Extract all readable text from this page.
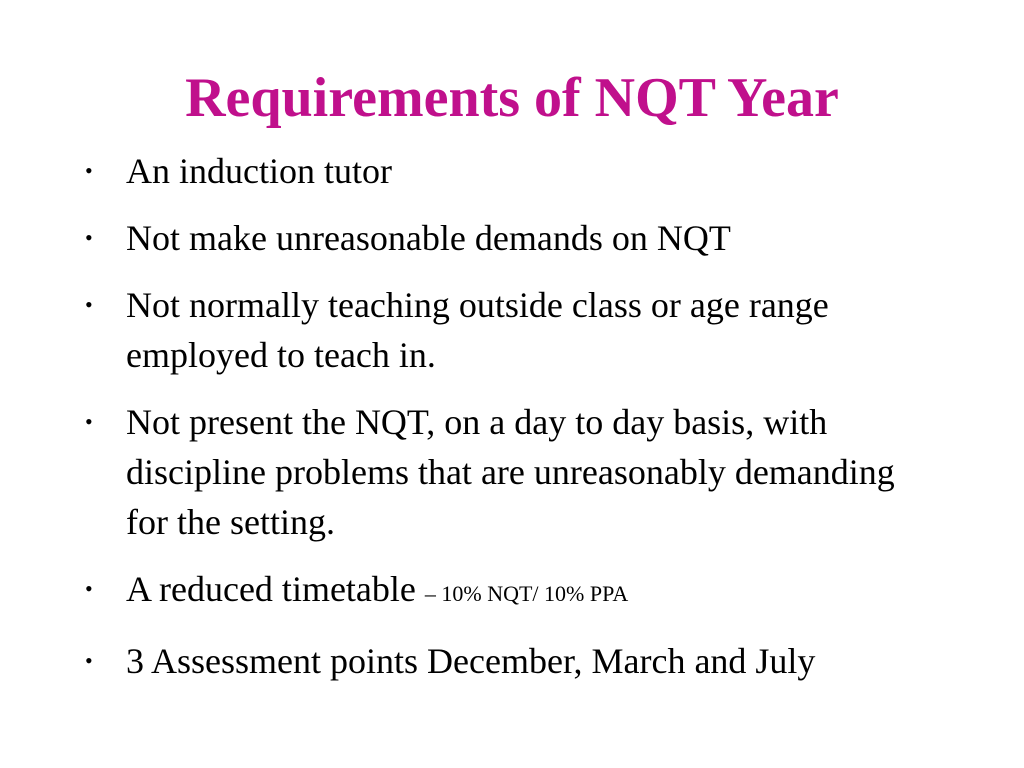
Requirements of NQT Year
• An induction tutor
• Not make unreasonable demands on NQT
• Not normally teaching outside class or age range employed to teach in.
• Not present the NQT, on a day to day basis, with discipline problems that are unreasonably demanding for the setting.
• A reduced timetable – 10% NQT/ 10% PPA
• 3 Assessment points December, March and July
